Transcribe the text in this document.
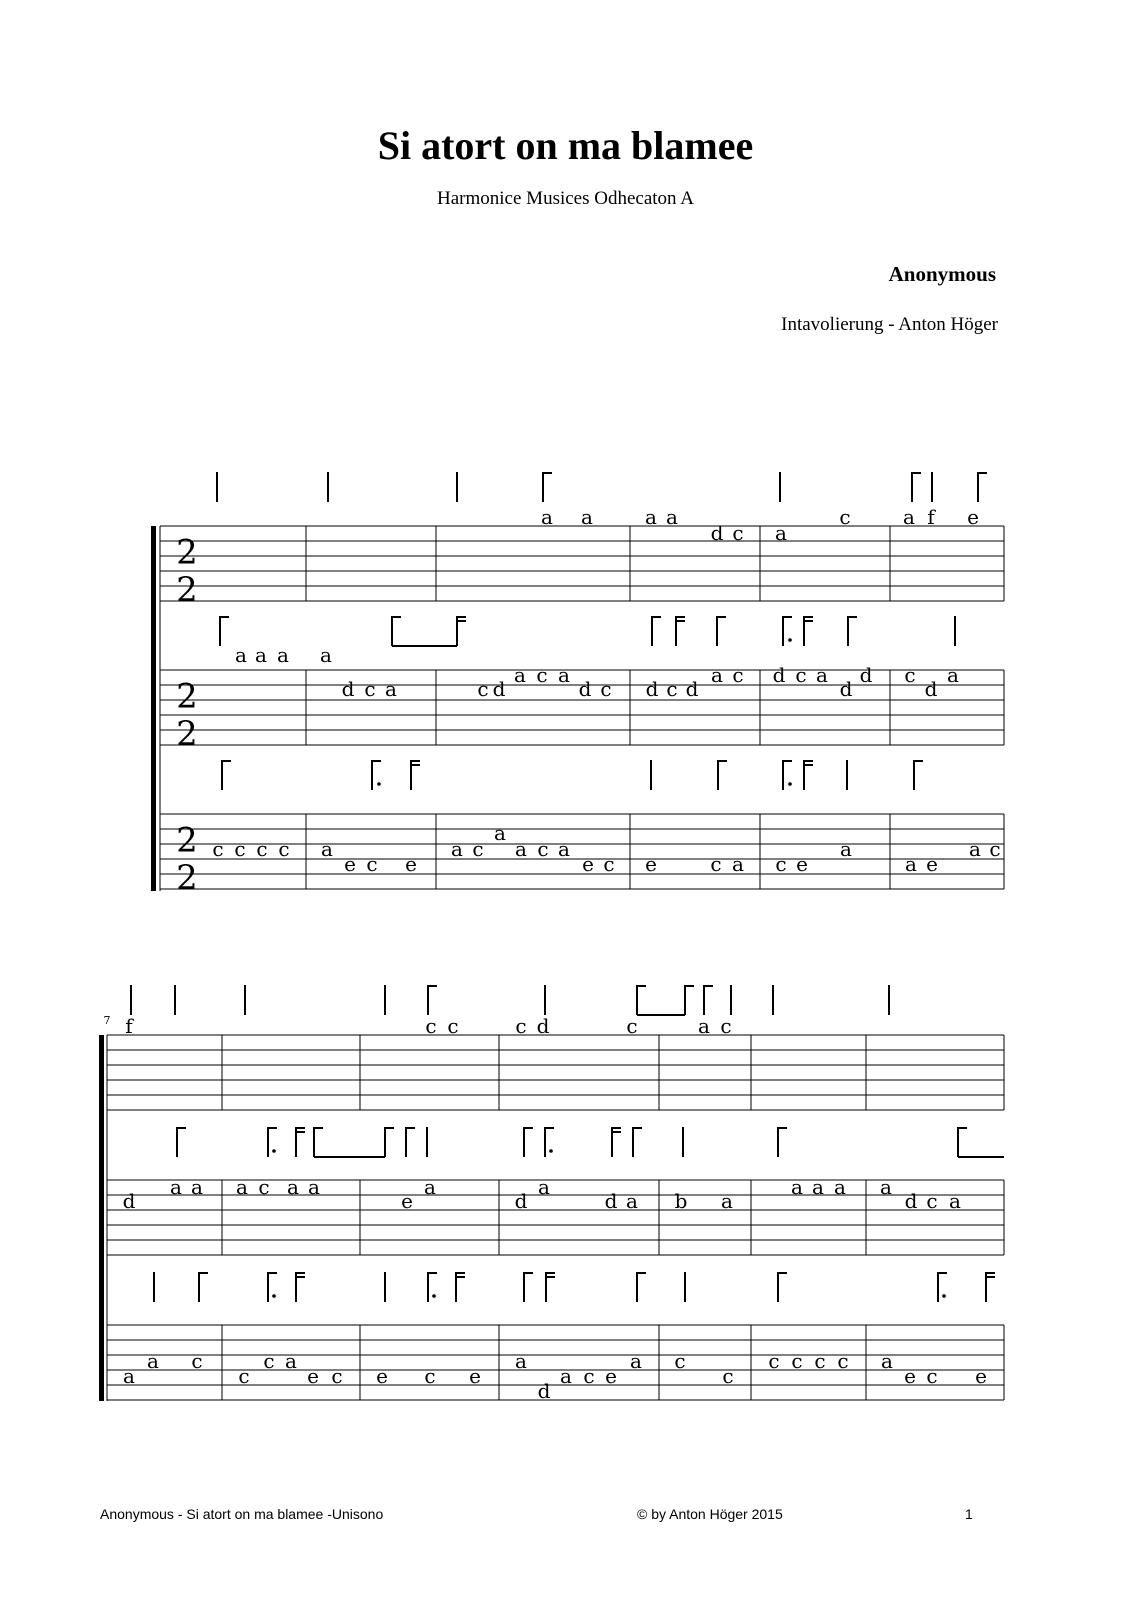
Si atort on ma blamee
Harmonice Musices Odhecaton A
Anonymous
Intavolierung - Anton Höger
2
2
a a	a a
d c a
c	a f e
2
2
a a a a
d c a	c d
a c a
d c d c d
a c d c a
d
d c
d
a
2
2
c c c c a
e c e
a
a c a c a
e c e	c a c e
a
a e
a c
7 f	c c	c d	c	a c
d
a a a c a a
e
a
d
a
d a b a
a a a a
d c a
a
a c
c
c a
e c e c e
a
d
a c e
a c
c
c c c c a
e c e
Anonymous - Si atort on ma blamee -Unisono	© by Anton Höger 2015	1
